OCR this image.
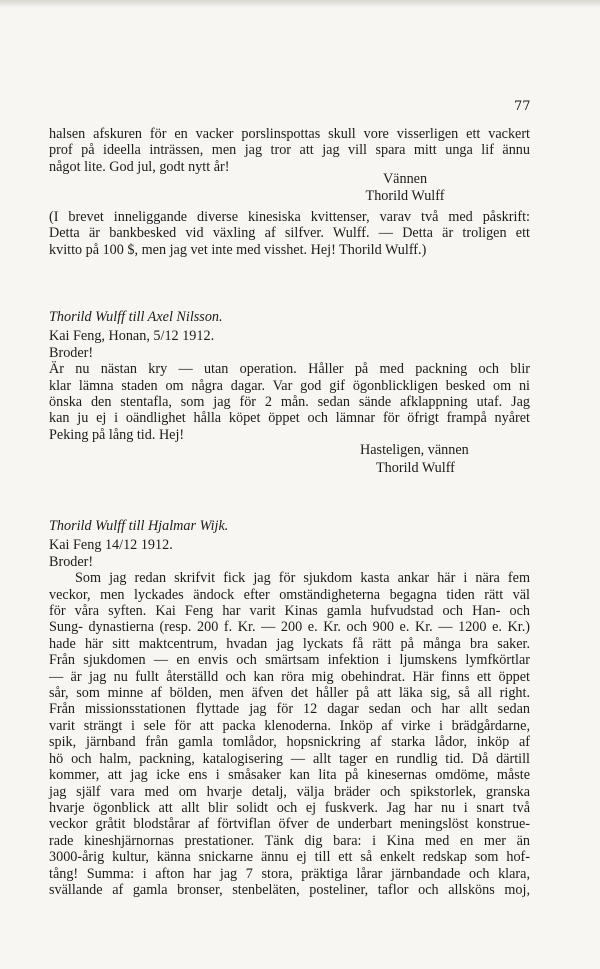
77
halsen afskuren för en vacker porslinspottas skull vore visserligen ett vackert
prof på ideella inträssen, men jag tror att jag vill spara mitt unga lif ännu
något lite. God jul, godt nytt år!
Vännen
Thorild Wulff
(I brevet inneliggande diverse kinesiska kvittenser, varav två med påskrift:
Detta är bankbesked vid växling af silfver. Wulff. — Detta är troligen ett
kvitto på 100 $, men jag vet inte med visshet. Hej! Thorild Wulff.)
Thorild Wulff till Axel Nilsson.
Kai Feng, Honan, 5/12 1912.
Broder!
Är nu nästan kry — utan operation. Håller på med packning och blir
klar lämna staden om några dagar. Var god gif ögonblickligen besked om ni
önska den stentafla, som jag för 2 mån. sedan sände afklappning utaf. Jag
kan ju ej i oändlighet hålla köpet öppet och lämnar för öfrigt frampå nyåret
Peking på lång tid. Hej!
Hasteligen, vännen
Thorild Wulff
Thorild Wulff till Hjalmar Wijk.
Kai Feng 14/12 1912.
Broder!
Som jag redan skrifvit fick jag för sjukdom kasta ankar här i nära fem
veckor, men lyckades ändock efter omständigheterna begagna tiden rätt väl
för våra syften. Kai Feng har varit Kinas gamla hufvudstad och Han- och
Sung- dynastierna (resp. 200 f. Kr. — 200 e. Kr. och 900 e. Kr. — 1200 e. Kr.)
hade här sitt maktcentrum, hvadan jag lyckats få rätt på många bra saker.
Från sjukdomen — en envis och smärtsam infektion i ljumskens lymfkörtlar
— är jag nu fullt återställd och kan röra mig obehindrat. Här finns ett öppet
sår, som minne af bölden, men äfven det håller på att läka sig, så all right.
Från missionsstationen flyttade jag för 12 dagar sedan och har allt sedan
varit strängt i sele för att packa klenoderna. Inköp af virke i brädgårdarne,
spik, järnband från gamla tomlådor, hopsnickring af starka lådor, inköp af
hö och halm, packning, katalogisering — allt tager en rundlig tid. Då därtill
kommer, att jag icke ens i småsaker kan lita på kinesernas omdöme, måste
jag själf vara med om hvarje detalj, välja bräder och spikstorlek, granska
hvarje ögonblick att allt blir solidt och ej fuskverk. Jag har nu i snart två
veckor gråtit blodstårar af förtviflan öfver de underbart meningslöst konstrue-
rade kineshjärnornas prestationer. Tänk dig bara: i Kina med en mer än
3000-årig kultur, känna snickarne ännu ej till ett så enkelt redskap som hof-
tång! Summa: i afton har jag 7 stora, präktiga lårar järnbandade och klara,
svällande af gamla bronser, stenbeläten, posteliner, taflor och allsköns moj,
